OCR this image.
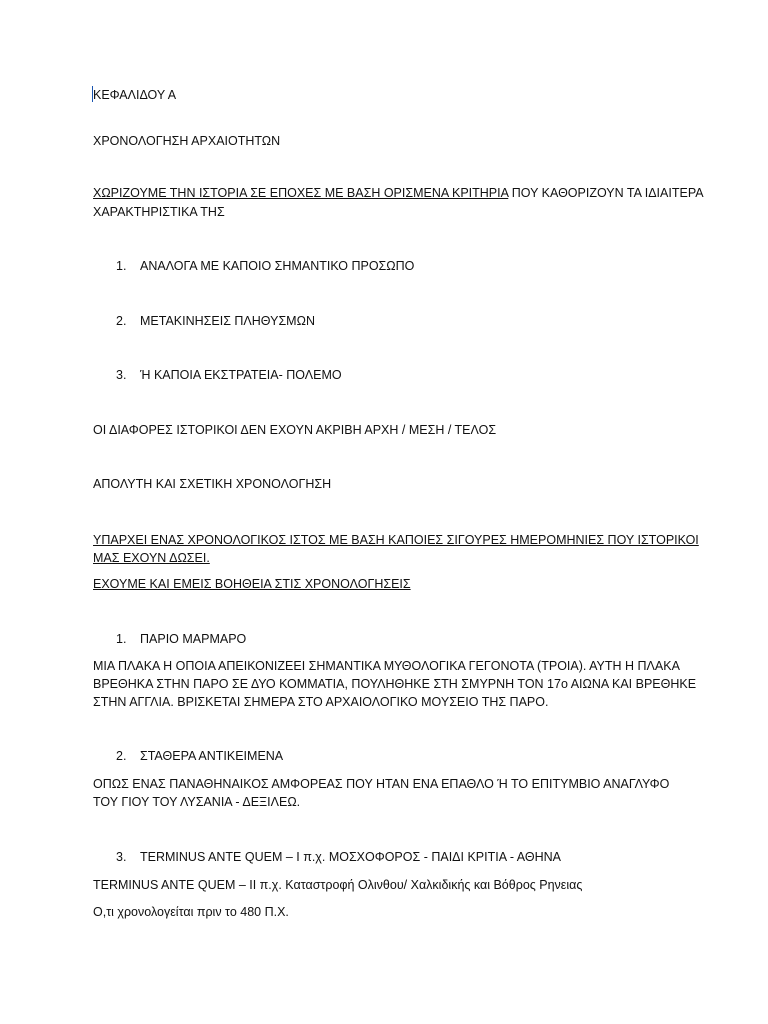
ΚΕΦΑΛΙΔΟΥ Α
ΧΡΟΝΟΛΟΓΗΣΗ ΑΡΧΑΙΟΤΗΤΩΝ
ΧΩΡΙΖΟΥΜΕ ΤΗΝ ΙΣΤΟΡΙΑ ΣΕ ΕΠΟΧΕΣ ΜΕ ΒΑΣΗ ΟΡΙΣΜΕΝΑ ΚΡΙΤΗΡΙΑ ΠΟΥ ΚΑΘΟΡΙΖΟΥΝ ΤΑ ΙΔΙΑΙΤΕΡΑ
ΧΑΡΑΚΤΗΡΙΣΤΙΚΑ ΤΗΣ
1. ΑΝΑΛΟΓΑ ΜΕ ΚΑΠΟΙΟ ΣΗΜΑΝΤΙΚΟ ΠΡΟΣΩΠΟ
2. ΜΕΤΑΚΙΝΗΣΕΙΣ ΠΛΗΘΥΣΜΩΝ
3. Ή ΚΑΠΟΙΑ ΕΚΣΤΡΑΤΕΙΑ- ΠΟΛΕΜΟ
ΟΙ ΔΙΑΦΟΡΕΣ ΙΣΤΟΡΙΚΟΙ ΔΕΝ ΕΧΟΥΝ ΑΚΡΙΒΗ ΑΡΧΗ / ΜΕΣΗ / ΤΕΛΟΣ
ΑΠΟΛΥΤΗ ΚΑΙ ΣΧΕΤΙΚΗ ΧΡΟΝΟΛΟΓΗΣΗ
ΥΠΑΡΧΕΙ ΕΝΑΣ ΧΡΟΝΟΛΟΓΙΚΟΣ ΙΣΤΟΣ ΜΕ ΒΑΣΗ ΚΑΠΟΙΕΣ ΣΙΓΟΥΡΕΣ ΗΜΕΡΟΜΗΝΙΕΣ ΠΟΥ ΙΣΤΟΡΙΚΟΙ
ΜΑΣ ΕΧΟΥΝ ΔΩΣΕΙ.
ΕΧΟΥΜΕ ΚΑΙ ΕΜΕΙΣ ΒΟΗΘΕΙΑ ΣΤΙΣ ΧΡΟΝΟΛΟΓΗΣΕΙΣ
1. ΠΑΡΙΟ ΜΑΡΜΑΡΟ
ΜΙΑ ΠΛΑΚΑ Η ΟΠΟΙΑ ΑΠΕΙΚΟΝΙΖΕΕΙ ΣΗΜΑΝΤΙΚΑ ΜΥΘΟΛΟΓΙΚΑ ΓΕΓΟΝΟΤΑ (ΤΡΟΙΑ). ΑΥΤΗ Η ΠΛΑΚΑ
ΒΡΕΘΗΚΑ ΣΤΗΝ ΠΑΡΟ ΣΕ ΔΥΟ ΚΟΜΜΑΤΙΑ, ΠΟΥΛΗΘΗΚΕ ΣΤΗ ΣΜΥΡΝΗ ΤΟΝ 17ο ΑΙΩΝΑ ΚΑΙ ΒΡΕΘΗΚΕ
ΣΤΗΝ ΑΓΓΛΙΑ. ΒΡΙΣΚΕΤΑΙ ΣΗΜΕΡΑ ΣΤΟ ΑΡΧΑΙΟΛΟΓΙΚΟ ΜΟΥΣΕΙΟ ΤΗΣ ΠΑΡΟ.
2. ΣΤΑΘΕΡΑ ΑΝΤΙΚΕΙΜΕΝΑ
ΟΠΩΣ ΕΝΑΣ ΠΑΝΑΘΗΝΑΙΚΟΣ ΑΜΦΟΡΕΑΣ ΠΟΥ ΗΤΑΝ ΕΝΑ ΕΠΑΘΛΟ Ή ΤΟ ΕΠΙΤΥΜΒΙΟ ΑΝΑΓΛΥΦΟ
ΤΟΥ ΓΙΟΥ ΤΟΥ ΛΥΣΑΝΙΑ - ΔΕΞΙΛΕΩ.
3. TERMINUS ANTE QUEM – I π.χ. ΜΟΣΧΟΦΟΡΟΣ - ΠΑΙΔΙ ΚΡΙΤΙΑ - ΑΘΗΝΑ
TERMINUS ANTE QUEM – II π.χ. Καταστροφή Ολινθου/ Χαλκιδικής και Βόθρος Ρηνειας
Ο,τι χρονολογείται πριν το 480 Π.Χ.
